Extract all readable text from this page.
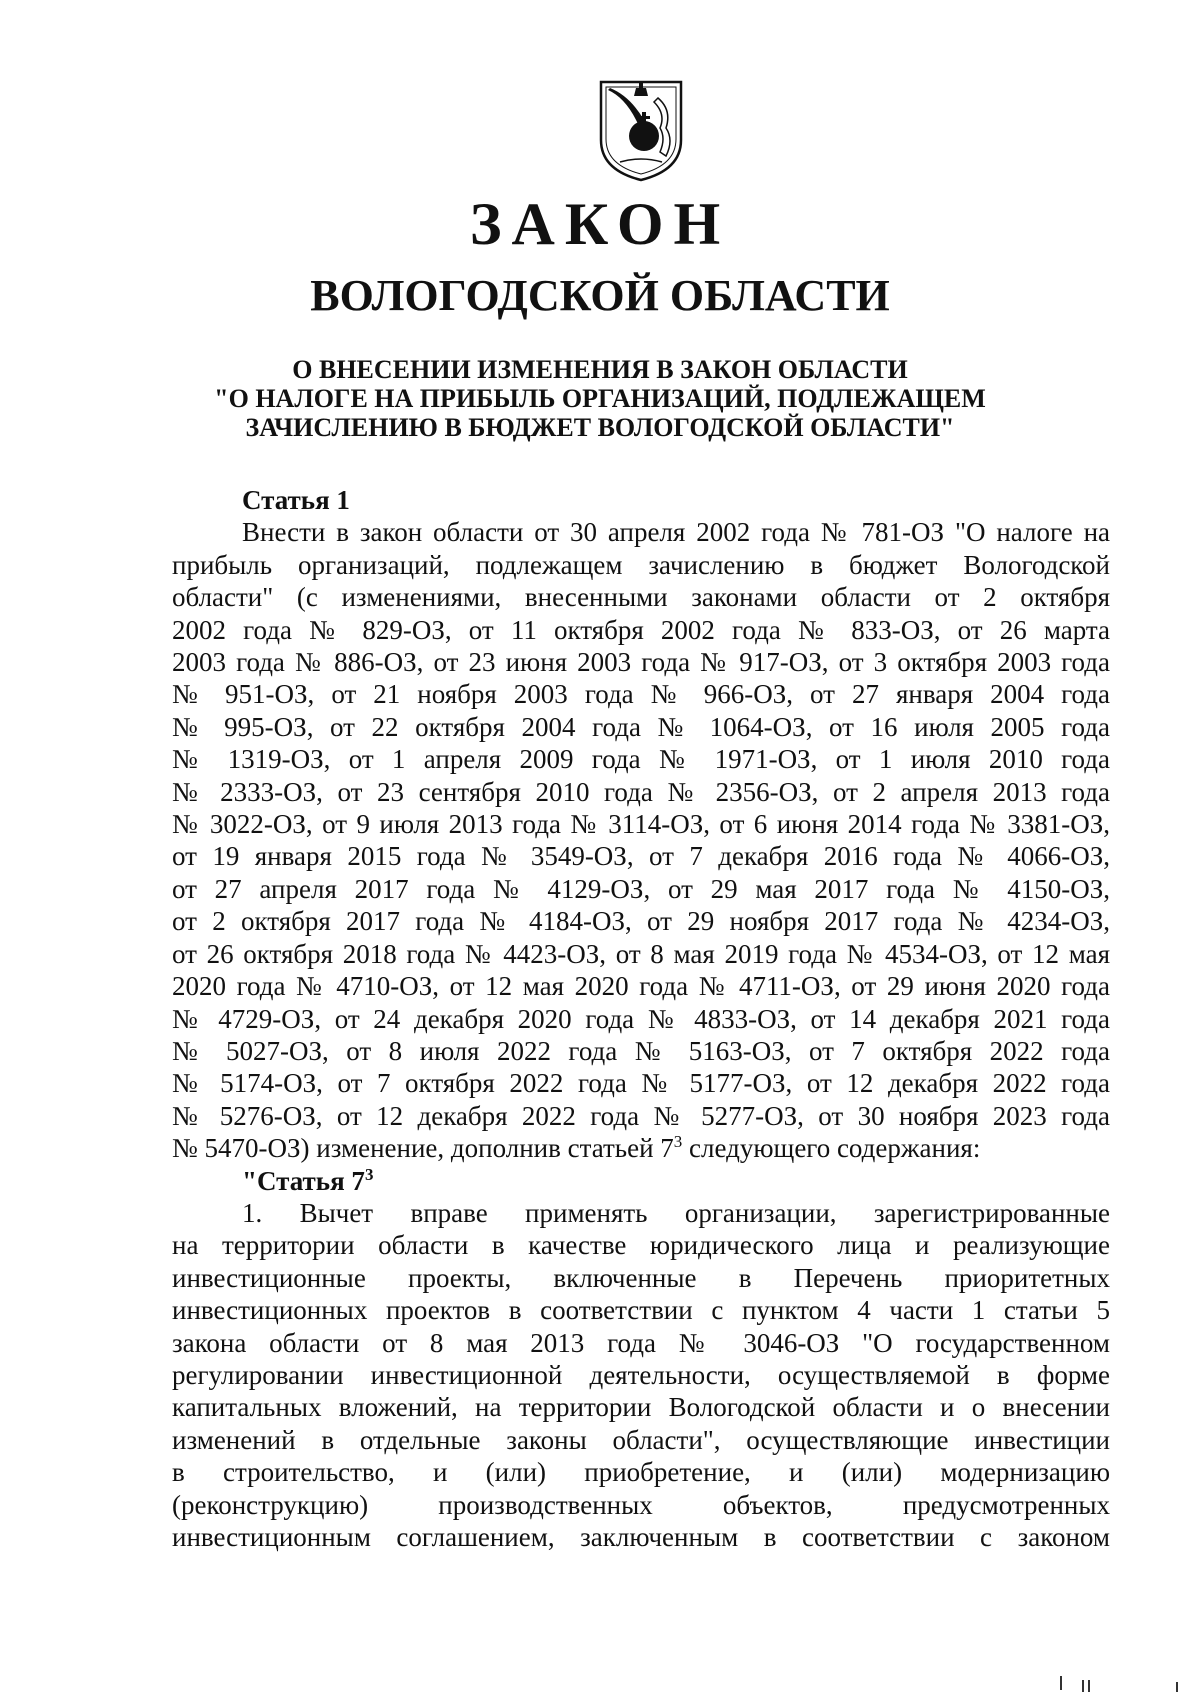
ЗАКОН
ВОЛОГОДСКОЙ ОБЛАСТИ
О ВНЕСЕНИИ ИЗМЕНЕНИЯ В ЗАКОН ОБЛАСТИ
"О НАЛОГЕ НА ПРИБЫЛЬ ОРГАНИЗАЦИЙ, ПОДЛЕЖАЩЕМ
ЗАЧИСЛЕНИЮ В БЮДЖЕТ ВОЛОГОДСКОЙ ОБЛАСТИ"
Статья 1
Внести в закон области от 30 апреля 2002 года № 781-ОЗ "О налоге на
прибыль организаций, подлежащем зачислению в бюджет Вологодской
области" (с изменениями, внесенными законами области от 2 октября
2002 года № 829-ОЗ, от 11 октября 2002 года № 833-ОЗ, от 26 марта
2003 года № 886-ОЗ, от 23 июня 2003 года № 917-ОЗ, от 3 октября 2003 года
№ 951-ОЗ, от 21 ноября 2003 года № 966-ОЗ, от 27 января 2004 года
№ 995-ОЗ, от 22 октября 2004 года № 1064-ОЗ, от 16 июля 2005 года
№ 1319-ОЗ, от 1 апреля 2009 года № 1971-ОЗ, от 1 июля 2010 года
№ 2333-ОЗ, от 23 сентября 2010 года № 2356-ОЗ, от 2 апреля 2013 года
№ 3022-ОЗ, от 9 июля 2013 года № 3114-ОЗ, от 6 июня 2014 года № 3381-ОЗ,
от 19 января 2015 года № 3549-ОЗ, от 7 декабря 2016 года № 4066-ОЗ,
от 27 апреля 2017 года № 4129-ОЗ, от 29 мая 2017 года № 4150-ОЗ,
от 2 октября 2017 года № 4184-ОЗ, от 29 ноября 2017 года № 4234-ОЗ,
от 26 октября 2018 года № 4423-ОЗ, от 8 мая 2019 года № 4534-ОЗ, от 12 мая
2020 года № 4710-ОЗ, от 12 мая 2020 года № 4711-ОЗ, от 29 июня 2020 года
№ 4729-ОЗ, от 24 декабря 2020 года № 4833-ОЗ, от 14 декабря 2021 года
№ 5027-ОЗ, от 8 июля 2022 года № 5163-ОЗ, от 7 октября 2022 года
№ 5174-ОЗ, от 7 октября 2022 года № 5177-ОЗ, от 12 декабря 2022 года
№ 5276-ОЗ, от 12 декабря 2022 года № 5277-ОЗ, от 30 ноября 2023 года
№ 5470-ОЗ) изменение, дополнив статьей $7^3$ следующего содержания:
"Статья $7^3$
1. Вычет вправе применять организации, зарегистрированные
на территории области в качестве юридического лица и реализующие
инвестиционные проекты, включенные в Перечень приоритетных
инвестиционных проектов в соответствии с пунктом 4 части 1 статьи 5
закона области от 8 мая 2013 года № 3046-ОЗ "О государственном
регулировании инвестиционной деятельности, осуществляемой в форме
капитальных вложений, на территории Вологодской области и о внесении
изменений в отдельные законы области", осуществляющие инвестиции
в строительство, и (или) приобретение, и (или) модернизацию
(реконструкцию) производственных объектов, предусмотренных
инвестиционным соглашением, заключенным в соответствии с законом
